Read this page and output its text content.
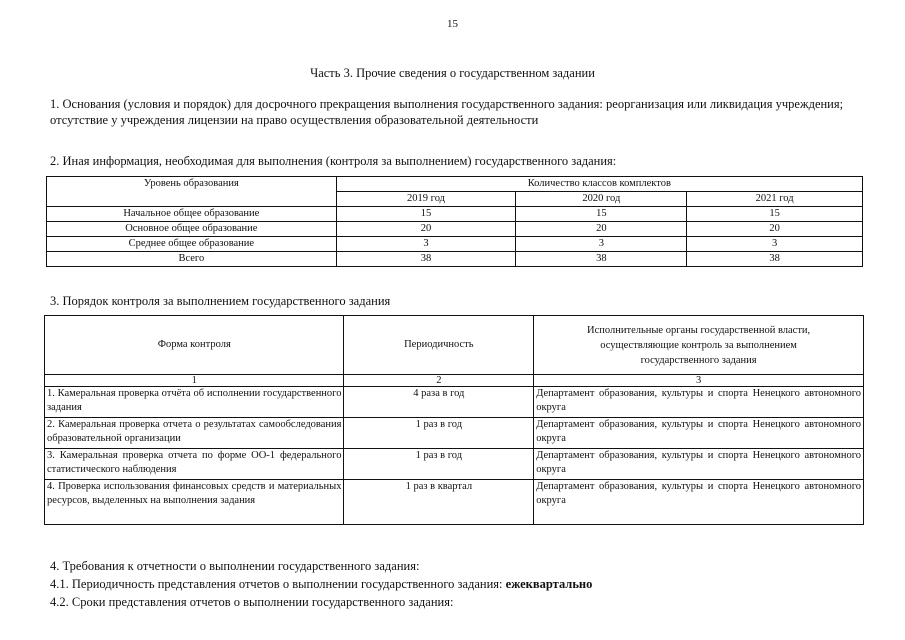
15
Часть 3. Прочие сведения о государственном задании
1. Основания (условия и порядок) для досрочного прекращения выполнения государственного задания: реорганизация или ликвидация учреждения; отсутствие у учреждения лицензии на право осуществления образовательной деятельности
2. Иная информация, необходимая для выполнения (контроля за выполнением) государственного задания:
Уровень образования	Количество классов комплектов		
	2019 год	2020 год	2021 год
Начальное общее образование	15	15	15
Основное общее образование	20	20	20
Среднее общее образование	3	3	3
Всего	38	38	38
3. Порядок контроля за выполнением государственного задания
Форма контроля	Периодичность	Исполнительные органы государственной власти, осуществляющие контроль за выполнением государственного задания

1	2	3
1. Камеральная проверка отчёта об исполнении государственного задания	4 раза в год	Департамент образования, культуры и спорта Ненецкого автономного округа
2. Камеральная проверка отчета о результатах самообследования образовательной организации	1 раз в год	Департамент образования, культуры и спорта Ненецкого автономного округа
3. Камеральная проверка отчета по форме ОО-1 федерального статистического наблюдения	1 раз в год	Департамент образования, культуры и спорта Ненецкого автономного округа
4. Проверка использования финансовых средств и материальных ресурсов, выделенных на выполнения задания	1 раз в квартал	Департамент образования, культуры и спорта Ненецкого автономного округа
4. Требования к отчетности о выполнении государственного задания:
4.1. Периодичность представления отчетов о выполнении государственного задания: ежеквартально
4.2. Сроки представления отчетов о выполнении государственного задания:
